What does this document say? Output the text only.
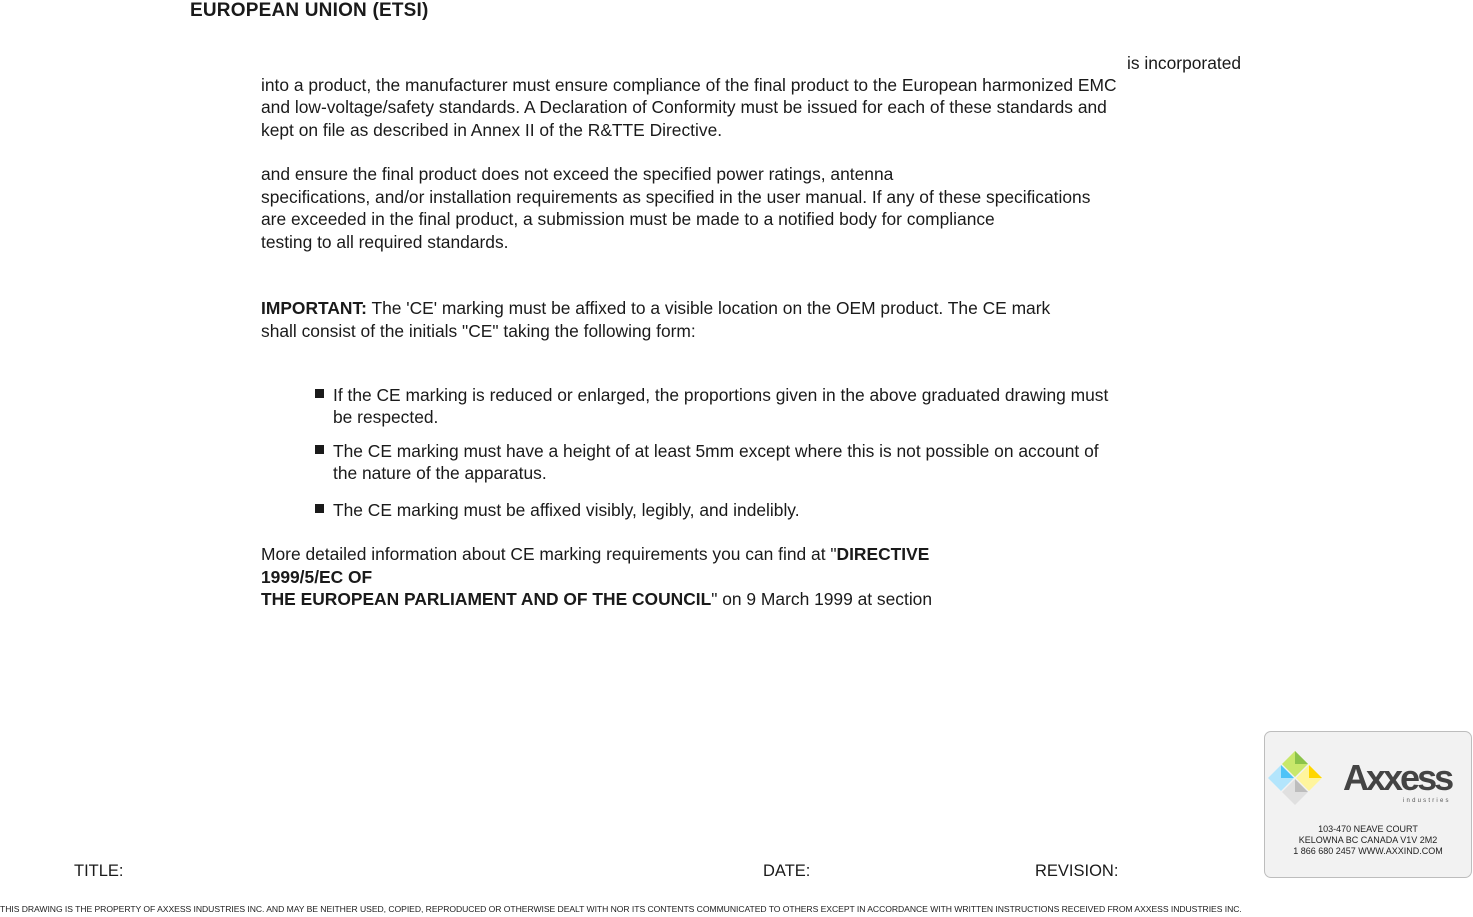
EUROPEAN UNION (ETSI)
is incorporated
into a product, the manufacturer must ensure compliance of the final product to the European harmonized EMC
and low-voltage/safety standards. A Declaration of Conformity must be issued for each of these standards and
kept on file as described in Annex II of the R&TTE Directive.
and ensure the final product does not exceed the specified power ratings, antenna
specifications, and/or installation requirements as specified in the user manual. If any of these specifications
are exceeded in the final product, a submission must be made to a notified body for compliance
testing to all required standards.
IMPORTANT: The 'CE' marking must be affixed to a visible location on the OEM product. The CE mark
shall consist of the initials "CE" taking the following form:
If the CE marking is reduced or enlarged, the proportions given in the above graduated drawing must
be respected.
The CE marking must have a height of at least 5mm except where this is not possible on account of
the nature of the apparatus.
The CE marking must be affixed visibly, legibly, and indelibly.
More detailed information about CE marking requirements you can find at "DIRECTIVE
1999/5/EC OF
THE EUROPEAN PARLIAMENT AND OF THE COUNCIL" on 9 March 1999 at section
Axxess
industries
103-470 NEAVE COURT
KELOWNA BC CANADA V1V 2M2
1 866 680 2457 WWW.AXXIND.COM
TITLE:	DATE:	REVISION:
THIS DRAWING IS THE PROPERTY OF AXXESS INDUSTRIES INC. AND MAY BE NEITHER USED, COPIED, REPRODUCED OR OTHERWISE DEALT WITH NOR ITS CONTENTS COMMUNICATED TO OTHERS EXCEPT IN ACCORDANCE WITH WRITTEN INSTRUCTIONS RECEIVED FROM AXXESS INDUSTRIES INC.
